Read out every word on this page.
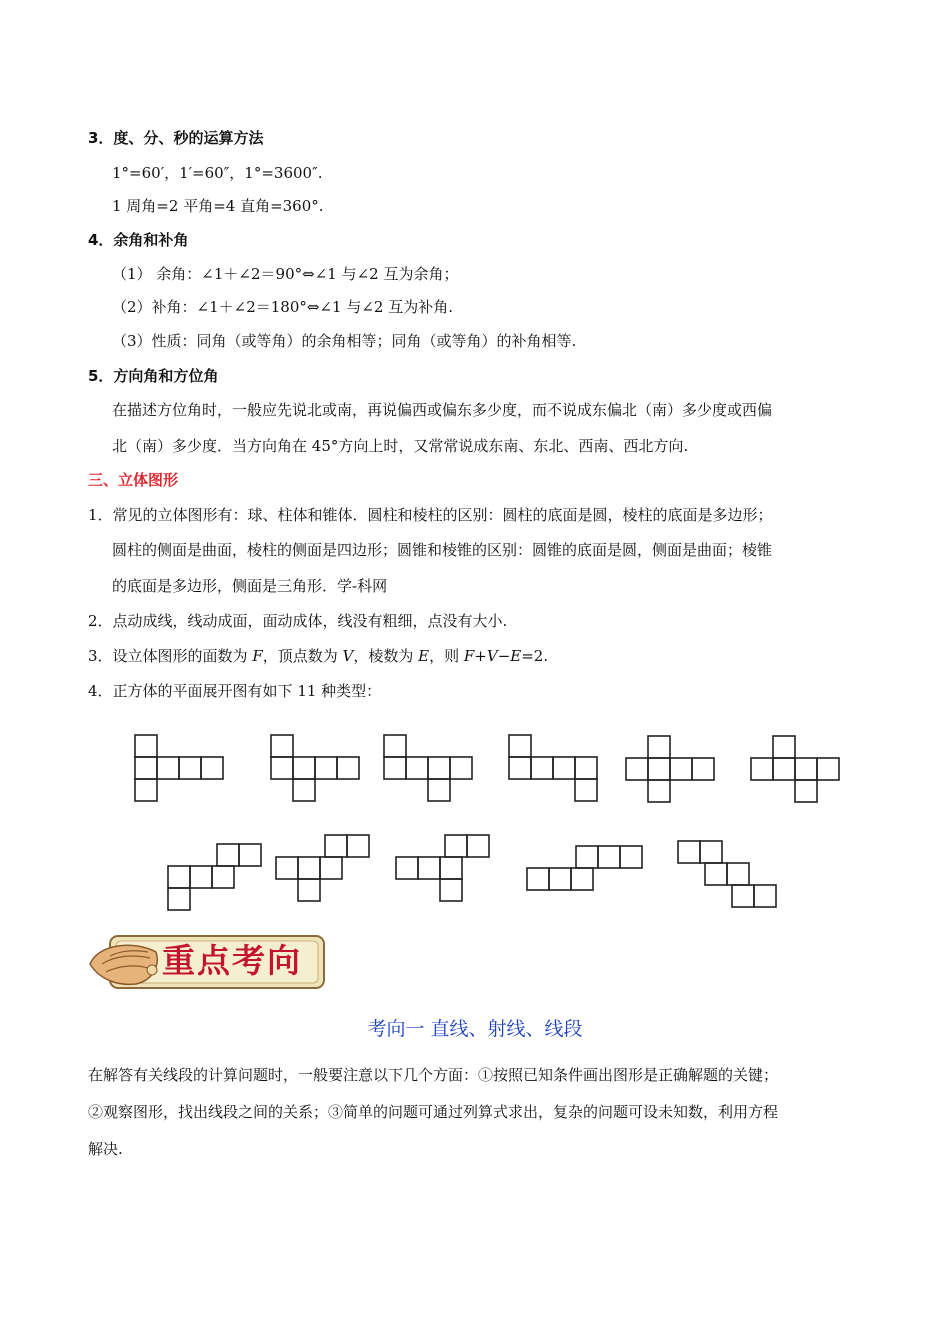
3．度、分、秒的运算方法
1°=60′，1′=60″，1°=3600″.
1 周角=2 平角=4 直角=360°.
4．余角和补角
（1） 余角：∠1＋∠2＝90°⇔∠1 与∠2 互为余角；
（2）补角：∠1＋∠2＝180°⇔∠1 与∠2 互为补角.
（3）性质：同角（或等角）的余角相等；同角（或等角）的补角相等.
5．方向角和方位角
在描述方位角时，一般应先说北或南，再说偏西或偏东多少度，而不说成东偏北（南）多少度或西偏
北（南）多少度．当方向角在 45°方向上时，又常常说成东南、东北、西南、西北方向.
三、立体图形
1．常见的立体图形有：球、柱体和锥体．圆柱和棱柱的区别：圆柱的底面是圆，棱柱的底面是多边形；
圆柱的侧面是曲面，棱柱的侧面是四边形；圆锥和棱锥的区别：圆锥的底面是圆，侧面是曲面；棱锥
的底面是多边形，侧面是三角形．学-科网
2．点动成线，线动成面，面动成体，线没有粗细，点没有大小.
3．设立体图形的面数为 F，顶点数为 V，棱数为 E，则 F+V−E=2.
4．正方体的平面展开图有如下 11 种类型：
重点考向
考向一 直线、射线、线段
在解答有关线段的计算问题时，一般要注意以下几个方面：①按照已知条件画出图形是正确解题的关键；
②观察图形，找出线段之间的关系；③简单的问题可通过列算式求出，复杂的问题可设未知数，利用方程
解决.
